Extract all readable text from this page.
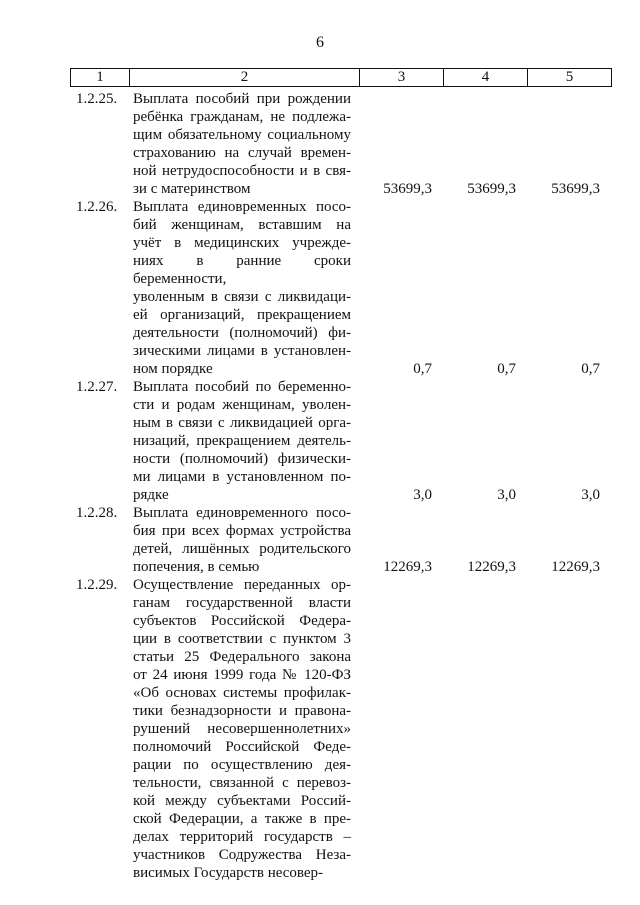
6
1	2	3	4	5
1.2.25. Выплата пособий при рождении
ребёнка гражданам, не подлежа-
щим обязательному социальному
страхованию на случай времен-
ной нетрудоспособности и в свя-
зи с материнством	53699,3 53699,3 53699,3
1.2.26. Выплата единовременных посо-
бий женщинам, вставшим на
учёт в медицинских учрежде-
ниях в ранние сроки беременности,
уволенным в связи с ликвидаци-
ей организаций, прекращением
деятельности (полномочий) фи-
зическими лицами в установлен-
ном порядке	0,7	0,7	0,7
1.2.27. Выплата пособий по беременно-
сти и родам женщинам, уволен-
ным в связи с ликвидацией орга-
низаций, прекращением деятель-
ности (полномочий) физически-
ми лицами в установленном по-
рядке	3,0	3,0	3,0
1.2.28. Выплата единовременного посо-
бия при всех формах устройства
детей, лишённых родительского
попечения, в семью	12269,3 12269,3 12269,3
1.2.29. Осуществление переданных ор-
ганам государственной власти
субъектов Российской Федера-
ции в соответствии с пунктом 3
статьи 25 Федерального закона
от 24 июня 1999 года № 120-ФЗ
«Об основах системы профилак-
тики безнадзорности и правона-
рушений несовершеннолетних»
полномочий Российской Феде-
рации по осуществлению дея-
тельности, связанной с перевоз-
кой между субъектами Россий-
ской Федерации, а также в пре-
делах территорий государств –
участников Содружества Неза-
висимых Государств несовер-
